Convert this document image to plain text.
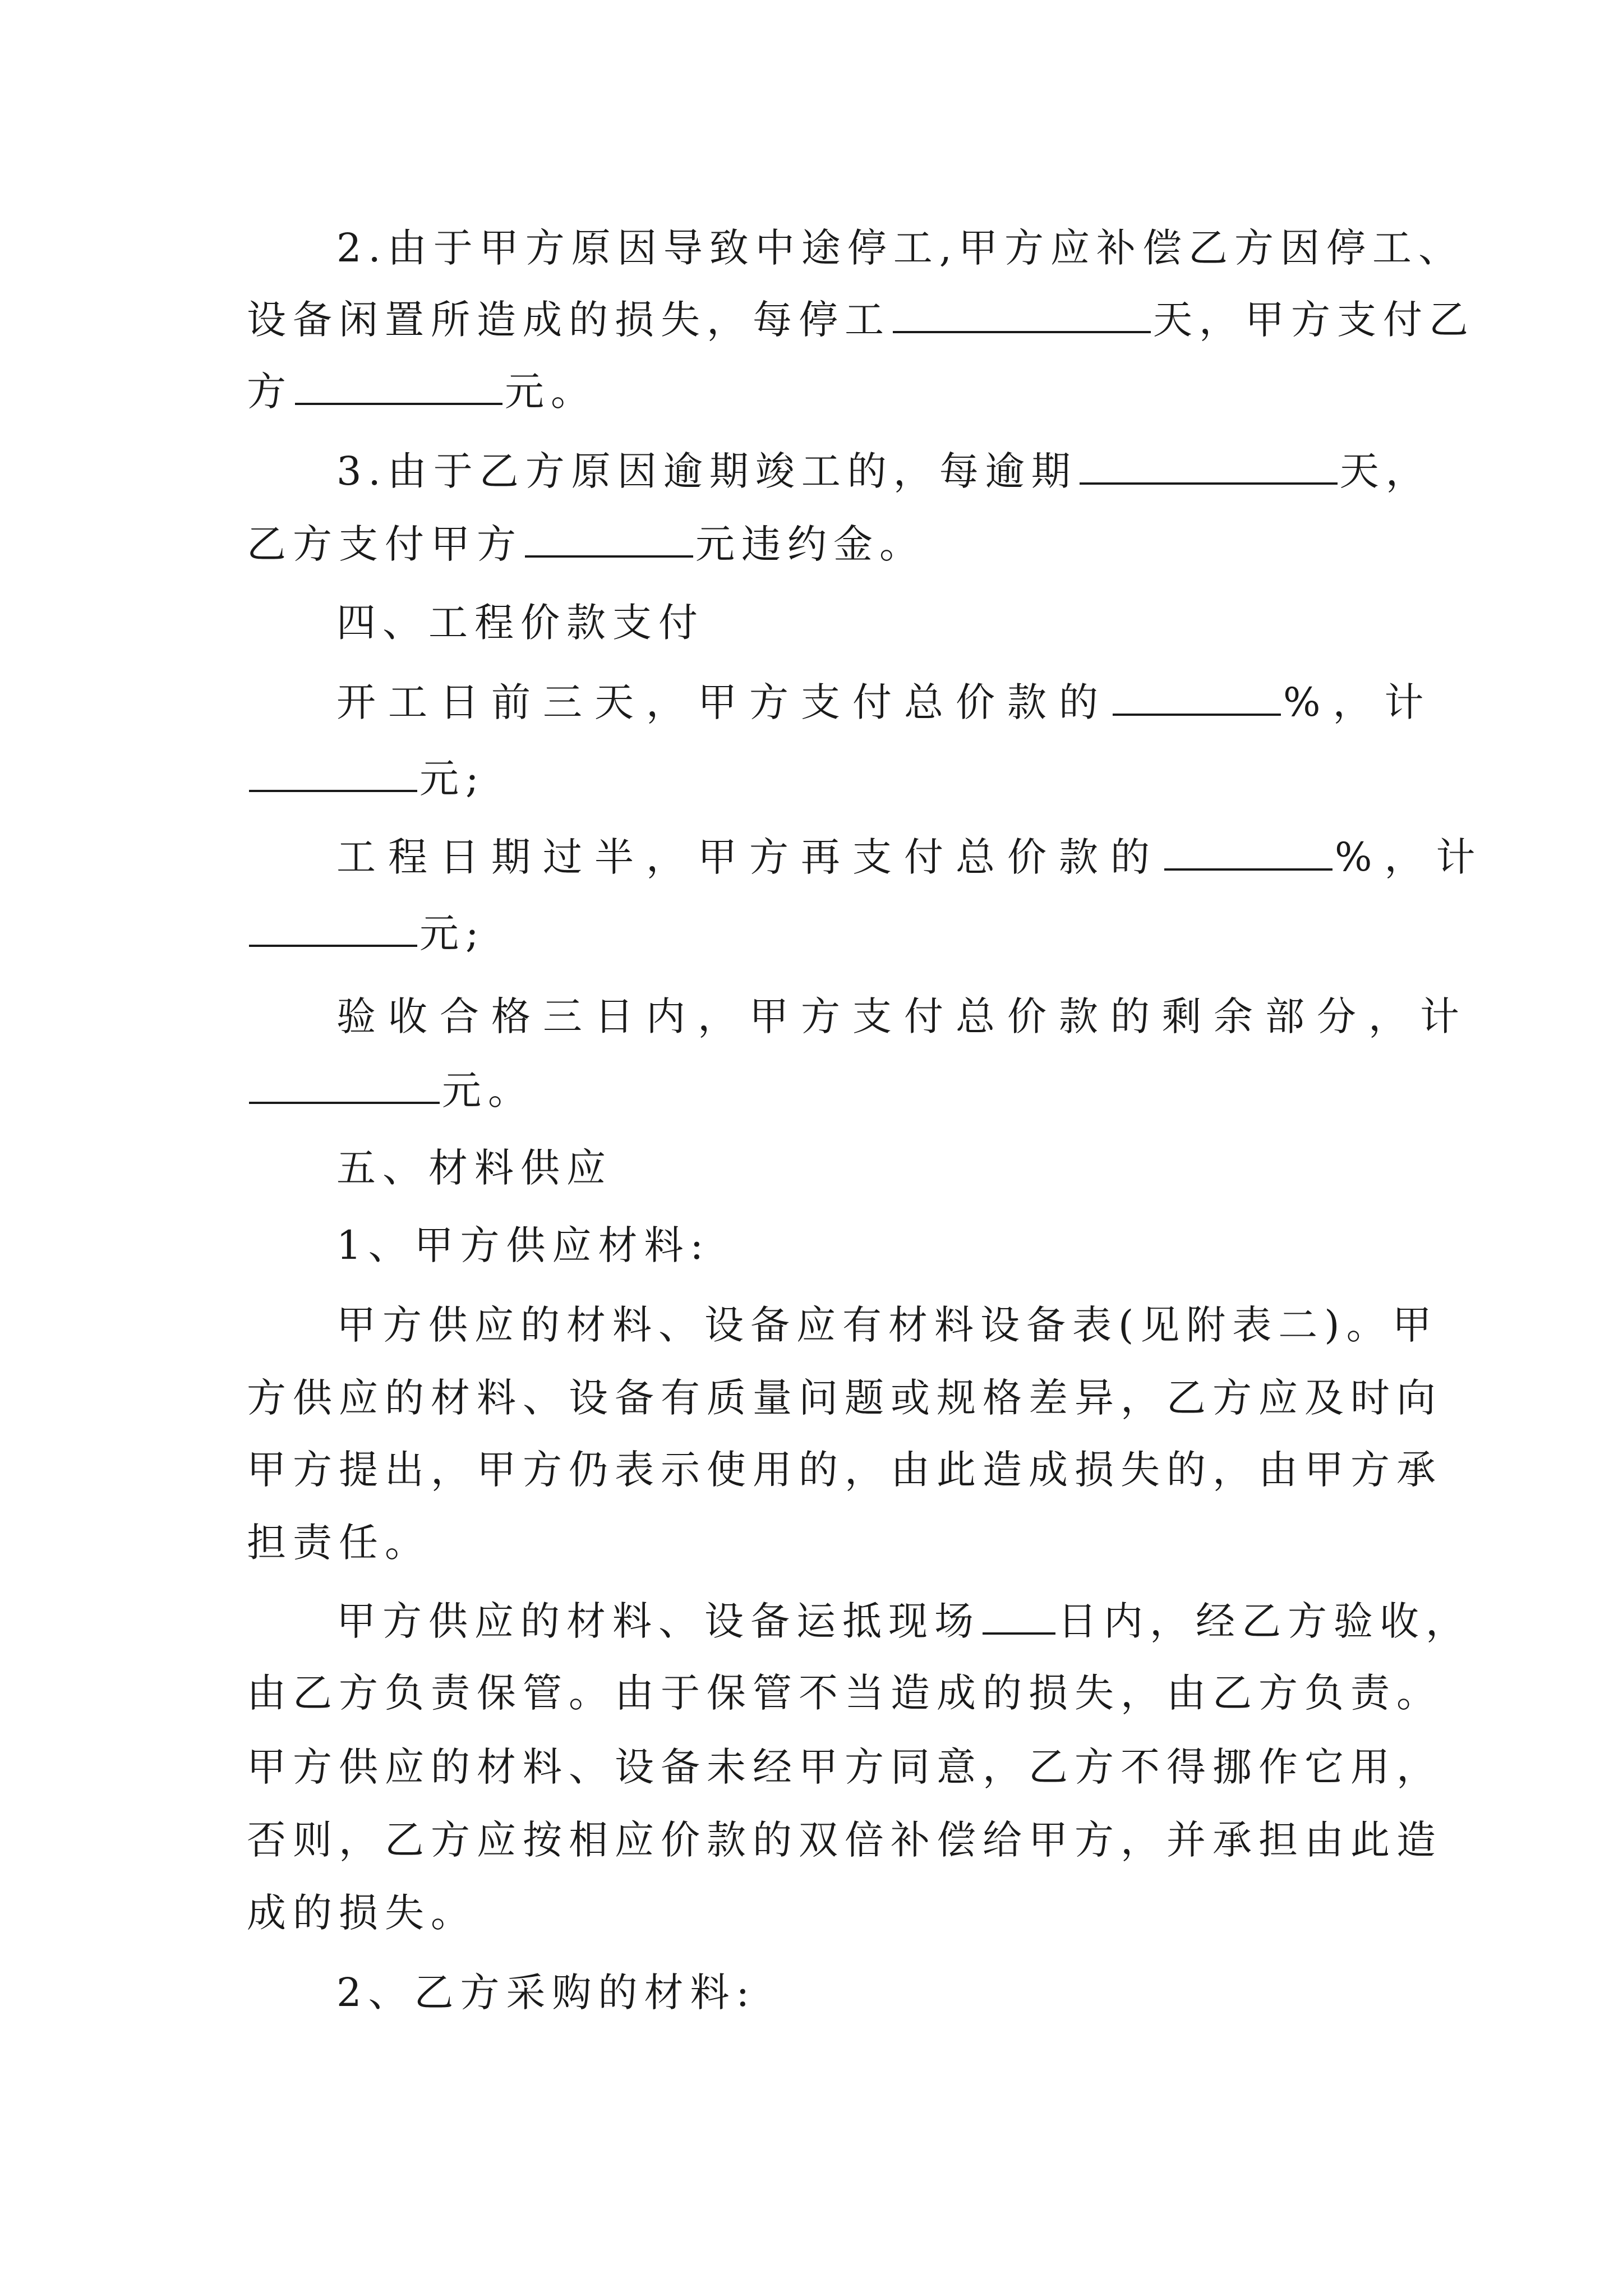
2.由于甲方原因导致中途停工,甲方应补偿乙方因停工、
设备闲置所造成的损失，每停工	天，甲方支付乙
方	元。
3.由于乙方原因逾期竣工的，每逾期	天，
乙方支付甲方	元违约金。
四、工程价款支付
开工日前三天，甲方支付总价款的	%，计
元;
工程日期过半，甲方再支付总价款的	%，计
元;
验收合格三日内，甲方支付总价款的剩余部分，计
元。
五、材料供应
1、甲方供应材料:
甲方供应的材料、设备应有材料设备表(见附表二)。甲
方供应的材料、设备有质量问题或规格差异，乙方应及时向
甲方提出，甲方仍表示使用的，由此造成损失的，由甲方承
担责任。
甲方供应的材料、设备运抵现场 日内，经乙方验收，
由乙方负责保管。由于保管不当造成的损失，由乙方负责。
甲方供应的材料、设备未经甲方同意，乙方不得挪作它用，
否则，乙方应按相应价款的双倍补偿给甲方，并承担由此造
成的损失。
2、乙方采购的材料:
